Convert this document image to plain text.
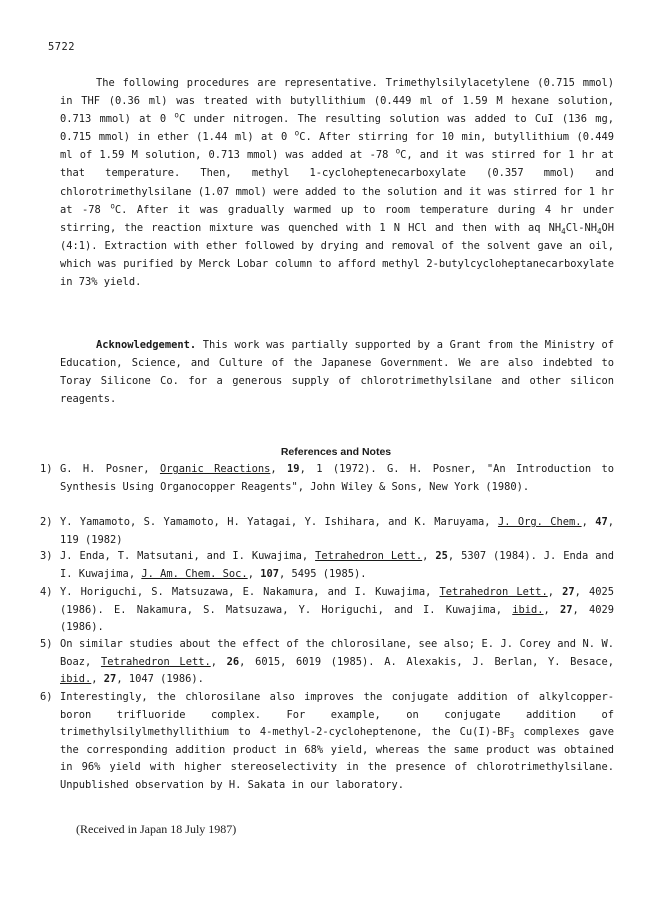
5722
The following procedures are representative. Trimethylsilylacetylene (0.715 mmol) in THF (0.36 ml) was treated with butyllithium (0.449 ml of 1.59 M hexane solution, 0.713 mmol) at 0 $^o$C under nitrogen. The resulting solution was added to CuI (136 mg, 0.715 mmol) in ether (1.44 ml) at 0 $^o$C. After stirring for 10 min, butyllithium (0.449 ml of 1.59 M solution, 0.713 mmol) was added at -78 $^o$C, and it was stirred for 1 hr at that temperature. Then, methyl 1-cycloheptenecarboxylate (0.357 mmol) and chlorotrimethylsilane (1.07 mmol) were added to the solution and it was stirred for 1 hr at -78 $^o$C. After it was gradually warmed up to room temperature during 4 hr under stirring, the reaction mixture was quenched with 1 N HCl and then with aq $NH_4Cl-NH_4OH$ (4:1). Extraction with ether followed by drying and removal of the solvent gave an oil, which was purified by Merck Lobar column to afford methyl 2-butylcycloheptanecarboxylate in 73% yield.
Acknowledgement. This work was partially supported by a Grant from the Ministry of Education, Science, and Culture of the Japanese Government. We are also indebted to Toray Silicone Co. for a generous supply of chlorotrimethylsilane and other silicon reagents.
References and Notes
1) G. H. Posner, Organic Reactions, 19, 1 (1972). G. H. Posner, "An Introduction to Synthesis Using Organocopper Reagents", John Wiley & Sons, New York (1980).
2) Y. Yamamoto, S. Yamamoto, H. Yatagai, Y. Ishihara, and K. Maruyama, J. Org. Chem., 47, 119 (1982)
3) J. Enda, T. Matsutani, and I. Kuwajima, Tetrahedron Lett., 25, 5307 (1984). J. Enda and I. Kuwajima, J. Am. Chem. Soc., 107, 5495 (1985).
4) Y. Horiguchi, S. Matsuzawa, E. Nakamura, and I. Kuwajima, Tetrahedron Lett., 27, 4025 (1986). E. Nakamura, S. Matsuzawa, Y. Horiguchi, and I. Kuwajima, ibid., 27, 4029 (1986).
5) On similar studies about the effect of the chlorosilane, see also; E. J. Corey and N. W. Boaz, Tetrahedron Lett., 26, 6015, 6019 (1985). A. Alexakis, J. Berlan, Y. Besace, ibid., 27, 1047 (1986).
6) Interestingly, the chlorosilane also improves the conjugate addition of alkylcopper-boron trifluoride complex. For example, on conjugate addition of trimethylsilylmethyllithium to 4-methyl-2-cycloheptenone, the $Cu(I)-BF_3$ complexes gave the corresponding addition product in 68% yield, whereas the same product was obtained in 96% yield with higher stereoselectivity in the presence of chlorotrimethylsilane. Unpublished observation by H. Sakata in our laboratory.
(Received in Japan 18 July 1987)
